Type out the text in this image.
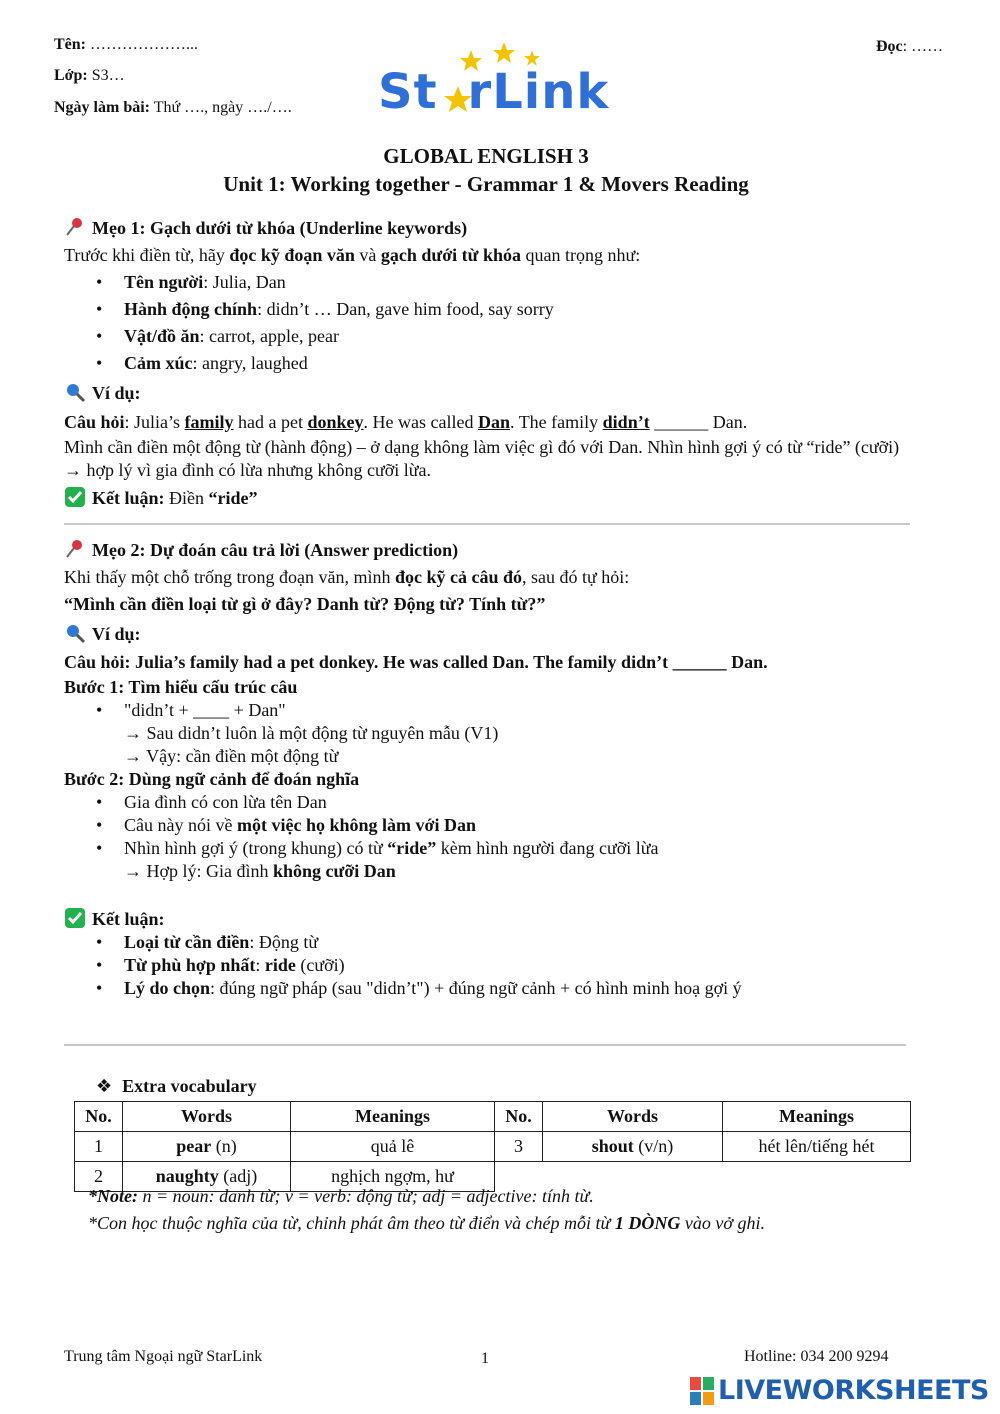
Tên: ………………...
Lớp: S3…
Ngày làm bài: Thứ …., ngày …./….
Đọc: ……
St rLink
GLOBAL ENGLISH 3
Unit 1: Working together - Grammar 1 & Movers Reading
Mẹo 1: Gạch dưới từ khóa (Underline keywords)
Trước khi điền từ, hãy đọc kỹ đoạn văn và gạch dưới từ khóa quan trọng như:
• Tên người: Julia, Dan
• Hành động chính: didn’t … Dan, gave him food, say sorry
• Vật/đồ ăn: carrot, apple, pear
• Cảm xúc: angry, laughed
Ví dụ:
Câu hỏi: Julia’s family had a pet donkey. He was called Dan. The family didn’t ______ Dan.
Mình cần điền một động từ (hành động) – ở dạng không làm việc gì đó với Dan. Nhìn hình gợi ý có từ “ride” (cưỡi) → hợp lý vì gia đình có lừa nhưng không cưỡi lừa.
Kết luận: Điền “ride”
Mẹo 2: Dự đoán câu trả lời (Answer prediction)
Khi thấy một chỗ trống trong đoạn văn, mình đọc kỹ cả câu đó, sau đó tự hỏi:
“Mình cần điền loại từ gì ở đây? Danh từ? Động từ? Tính từ?”
Ví dụ:
Câu hỏi: Julia’s family had a pet donkey. He was called Dan. The family didn’t ______ Dan.
Bước 1: Tìm hiểu cấu trúc câu
• "didn’t + ____ + Dan"
→ Sau didn’t luôn là một động từ nguyên mẫu (V1)
→ Vậy: cần điền một động từ
Bước 2: Dùng ngữ cảnh để đoán nghĩa
• Gia đình có con lừa tên Dan
• Câu này nói về một việc họ không làm với Dan
• Nhìn hình gợi ý (trong khung) có từ “ride” kèm hình người đang cưỡi lừa
→ Hợp lý: Gia đình không cưỡi Dan
Kết luận:
• Loại từ cần điền: Động từ
• Từ phù hợp nhất: ride (cưỡi)
• Lý do chọn: đúng ngữ pháp (sau "didn’t") + đúng ngữ cảnh + có hình minh hoạ gợi ý
❖ Extra vocabulary
No.	Words	Meanings	No.	Words	Meanings
1	pear (n)	quả lê	3	shout (v/n)	hét lên/tiếng hét
2	naughty (adj)	nghịch ngợm, hư			
*Note: n = noun: danh từ; v = verb: động từ; adj = adjective: tính từ.
*Con học thuộc nghĩa của từ, chỉnh phát âm theo từ điển và chép mỗi từ 1 DÒNG vào vở ghi.
Trung tâm Ngoại ngữ StarLink	1	Hotline: 034 200 9294
LIVEWORKSHEETS
